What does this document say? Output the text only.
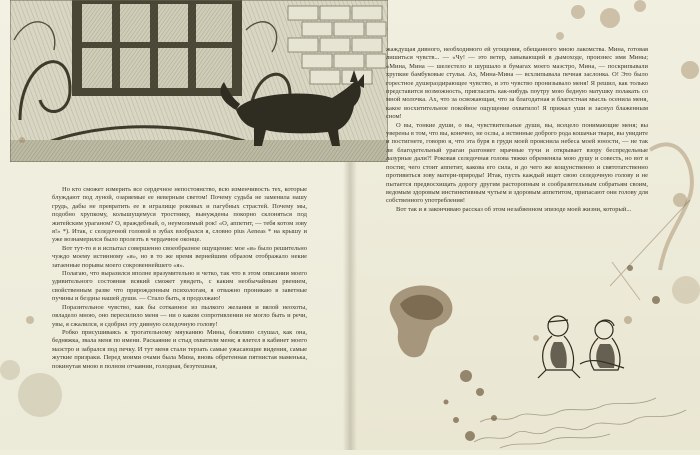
Но кто сможет измерить все сердечное непостоянство, всю изменчивость тех, которые блуждают под луной, озаряемые ее неверным светом! Почему судьба не заменила нашу грудь, дабы не превратить ее в игралище роковых и пагубных страстей. Почему мы, подобно хрупкому, колышущемуся тростнику, вынуждены покорно склоняться под житейским ураганом? О, враждебный, о, неумолимый рок! «О, аппетит, — тебя котом зову я!» *). Итак, с селедочной головой в зубах взобрался я, словно pius Aeneas * на крышу и уже вознамерился было пролезть в чердачное оконце.

Вот тут-то я и испытал совершенно своеобразное ощущение: мое «я» было решительно чуждо моему истинному «я», но в то же время вернейшим образом отображало некие затаенные порывы моего сокровеннейшего «я».

Полагаю, что выразился вполне вразумительно и четко, так что в этом описании моего удивительного состояния всякий сможет увидеть, с каким необычайным рвением, свойственным разве что прирожденным психологам, я отважно проникаю в заветные пучины и бездны нашей души. — Стало быть, я продолжаю!

Поразительное чувство, как бы сотканное из пылкого желания и вялой неохоты, овладело мною, оно пересилило меня — ни о каком сопротивлении не могло быть и речи, увы, я сжалился, я сдобрил эту дивную селедочную голову!

Робко присушиваясь к трогательному мяуканию Мины, боязливо слушал, как она, бедняжка, звала меня по имени. Раскаяние и стыд охватили меня; я влетел в кабинет моего маэстро и забрался под печку. И тут меня стали терзать самые ужасающие видения, самые жуткие призраки. Перед моими очами была Мина, вновь обретенная пятнистая маменька, покинутая мною в полном отчаянии, голодная, безутешная,

жаждущая дивного, необходимого ей угощения, обещанного мною лакомства. Мина, готовая лишиться чувств... — «Чу! — это ветер, завывающий в дымоходе, произнес имя Мины; «Мина, Мина — шелестело и шуршало в бумагах моего маэстро, Мина, — поскрипывали хрупкие бамбуковые стулья. Ах, Мина-Мина — всхлипывала печная заслонка. О! Это было горестное душераздирающее чувство, и это чувство пронизывало меня! Я решил, как только представится возможность, пригласить как-нибудь поутру мою бедную матушку полакать со мной молочка. Ах, что за освежающая, что за благодатная и благостная мысль осенила меня, какое восхитительное покойное ощущение охватило! Я прижал уши и заснул блаженным сном!

О вы, тонкие души, о вы, чувствительные души, вы, всецело понимающие меня; вы уверены в том, что вы, конечно, не ослы, а истинные доброго рода кошачьи твари, вы увидите и постигнете, говорю я, что эта буря в груди моей прояснила небеса моей юности, — не так ли благодетельный ураган разгоняет мрачные тучи и открывает взору беспредельные лазурные дали?! Роковая селедочная голова тяжко обременяла мою душу и совесть, но вот я постиг, чего стоит аппетит, какова его сила, и до чего же кощунственно и святотатственно противиться зову матери-природы! Итак, пусть каждый ищет свою селедочную голову и не пытается предвосхищать дорогу другим расторопным и сообразительным собратьям своим, ведомым здоровым инстинктивным чутьем и здоровым аппетитом, припасают они голову для собственного употребления!

Вот так и я закончиваю рассказ об этом незабвенном эпизоде моей жизни, который...
